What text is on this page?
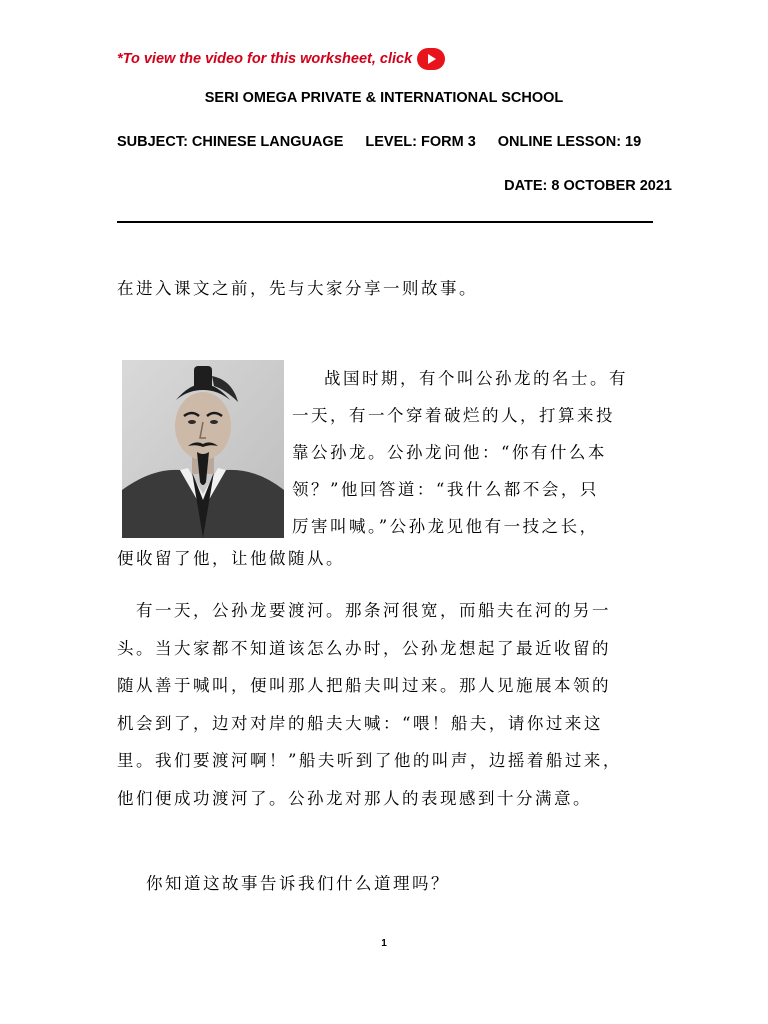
*To view the video for this worksheet, click
SERI OMEGA PRIVATE & INTERNATIONAL SCHOOL
SUBJECT: CHINESE LANGUAGE LEVEL: FORM 3 ONLINE LESSON: 19
DATE: 8 OCTOBER 2021
在进入课文之前，先与大家分享一则故事。
战国时期，有个叫公孙龙的名士。有
一天，有一个穿着破烂的人，打算来投
靠公孙龙。公孙龙问他：“你有什么本
领？”他回答道：“我什么都不会，只
厉害叫喊。”公孙龙见他有一技之长，
便收留了他，让他做随从。
　有一天，公孙龙要渡河。那条河很宽，而船夫在河的另一
头。当大家都不知道该怎么办时，公孙龙想起了最近收留的
随从善于喊叫，便叫那人把船夫叫过来。那人见施展本领的
机会到了，边对对岸的船夫大喊：“喂！船夫，请你过来这
里。我们要渡河啊！”船夫听到了他的叫声，边摇着船过来，
他们便成功渡河了。公孙龙对那人的表现感到十分满意。
你知道这故事告诉我们什么道理吗？
1
